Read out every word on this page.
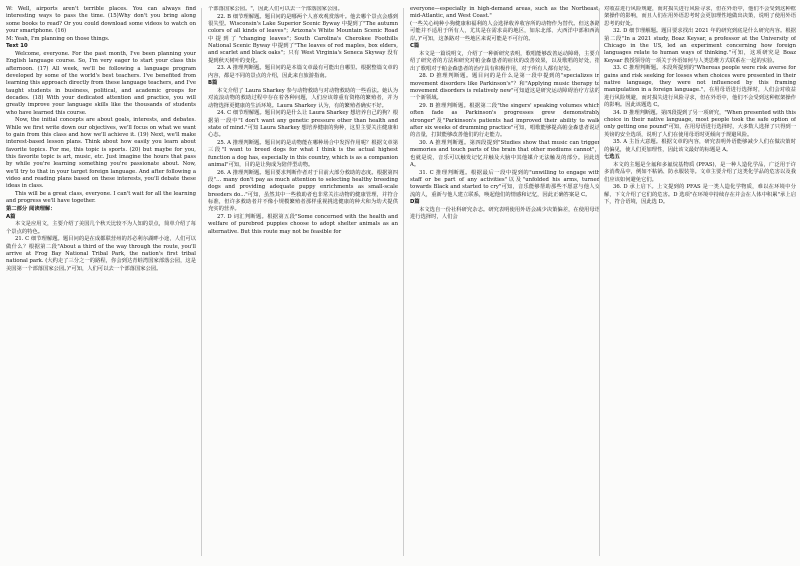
W: Well, airports aren't terrible places. You can always find interesting ways to pass the time. (15)Why don't you bring along some books to read? Or you could download some videos to watch on your smartphone. (16)

M: Yeah, I'm planning on those things.

Text 10

Welcome, everyone. For the past month, I've been planning your English language course. So, I'm very eager to start your class this afternoon. (17) All week, we'll be following a language program developed by some of the world's best teachers. I've benefited from learning this approach directly from these language teachers, and I've taught students in business, political, and academic groups for decades. (18) With your dedicated attention and practice, you will greatly improve your language skills like the thousands of students who have learned this course.

Now, the initial concepts are about goals, interests, and debates. While we first write down our objectives, we'll focus on what we want to gain from this class and how we'll achieve it. (19) Next, we'll make interest-based lesson plans. Think about how easily you learn about favorite topics. For me, this topic is sports. (20) but maybe for you, this favorite topic is art, music, etc. Just imagine the hours that pass by while you're learning something you're passionate about. Now, we'll try to that in your target foreign language. And after following a video and reading plans based on these interests, you'll debate these ideas in class.

This will be a great class, everyone. I can't wait for all the learning and progress we'll have together.

第二部分 阅读理解：

A篇

本文是应用文，主要介绍了美国几个秋天比较不为人知的景点，简单介绍了每个景点的特色。

21. C 细节理解题。题目问的是在成都联营州的苏必利尔湖畔小途，人们可以做什么？根据第二段"About a third of the way through the route, you'll arrive at Frog Bay National Tribal Park, the nation's first tribal national park. (大约走了三分之一的路程，你会到达青蛙湾国家部落公园，这是美国第一个部落国家公园。)"可知，人们可以去一个部落国家公园。

个部落国家公园。"，因此人们可以去一个部落国家公园。

22. B 细节理解题。题目问的是哪两个人喜欢观赏落叶。他去哪个景点会感到很失望。Wisconsin's Lake Superior Scenic Byway 中提到了"The autumn colors of all kinds of leaves"；Arizona's White Mountain Scenic Road 中提到了"changing leaves"；South Carolina's Cherokee Foothills National Scenic Byway 中提到了"The leaves of red maples, box elders, and scarlet and black oaks"；只有 West Virginia's Seneca Skyway 没有提到秋天树叶的变化。

23. A 推理判断题。题目问的是本篇文章最有可能出自哪里。根据整篇文章的内容，都是不同的景点的介绍，因此来自旅游指南。

B篇

本文介绍了 Laura Sharkey 参与动物救助与对动物救助的一些看法。她认为对流浪动物的救助过程中存在着各种问题，人们应该尊重有资格的繁殖者，并为动物选择更健康的生活环境。Laura Sharkey 认为，有的繁殖者确实不好。

24. C 细节理解题。题目问的是什么让 Laura Sharkey 想培养自己的狗？根据第一段中"I don't want any genetic pressure other than health and state of mind."可知 Laura Sharkey 想培养健康的狗种，这里主要关注健康和心态。

25. A 推理判断题。题目问的是动物能在哪种场合中发挥作用呢？根据文章第三段"I want to breed dogs for what I think is the actual highest function a dog has, especially in this country, which is as a companion animal"可知，目的是让狗成为陪伴型动物。

26. A 推理判断题。题目要求判断作者对于目前大部分救助的态度。根据第四段"... many don't pay as much attention to selecting healthy breeding dogs and providing adequate puppy enrichments as small-scale breeders do..."可知，虽然其中一些救助者也非常关注动物的健康管理，并符合标准，但许多救助者并不像小规模繁殖者那样重视挑选健康的种犬和为幼犬提供充实的营养。

27. D 词汇判断题。根据第五段"Some concerned with the health and welfare of purebred puppies choose to adopt shelter animals as an alternative. But this route may not be feasible for

everyone—especially in high-demand areas, such as the Northeast, mid-Atlantic, and West Coast."

(一些关心纯种小狗健康和福利的人会选择收养收容所的动物作为替代。但这条路可能并不适用于所有人，尤其是在需求高的地区，如东北部、大西洋中部和西海岸。)"可知，这条路对一些地区来说可能是不可行的。

C篇

本文是一篇说明文，介绍了一种新研究表明，歌唱能够改善运动障碍，主要介绍了研究者的方法和研究对帕金森患者的症状的改善效果，以及歌唱的好处，指出了歌唱对于帕金森患者的治疗具有积极作用，对于所有人都有好处。

28. D 推理判断题。题目问的是什么是第一段中提到的"specializes in movement disorders like Parkinson's"？和"Applying music therapy to movement disorders is relatively new"可知道这是研究运动障碍治疗方法的一个新领域。

29. B 推理判断题。根据第二段"the singers' speaking volumes which often fade as Parkinson's progresses grew demonstrably stronger"及"Parkinson's patients had improved their ability to walk after six weeks of drumming practice"可知，唱歌能够提高帕金森患者说话的音量，打鼓能够改善他们的行走能力。

30. A 推理判断题。第四段提到"Studies show that music can trigger memories and touch parts of the brain that other mediums cannot"，也就是说，音乐可以触发记忆并触及大脑中其他媒介无法触及的部分。因此选 A。

31. C 推理判断题。根据最后一段中提到的"unwilling to engage with staff or be part of any activities"以及"unfolded his arms, turned towards Black and started to cry"可知，音乐能够帮助那些不愿意与他人交流的人，重新与他人建立联系，唤起他们的情感和记忆，因此正确答案是 C。

D篇

本文选自一份社科研究杂志。研究表明使用外语会减少决策偏差，在使用母语进行选择时，人们会

对收益进行风险规避，而对损失进行风险寻求，但在外语中，他们不会受到这种框架操作的影响，而且人们在用外语思考时会更加理性地做出决策，说明了使用外语思考的好处。

32. D 细节理解题。题目要求找出 2021 年的研究到底是什么研究内容。根据第二段"In a 2021 study, Boaz Keysar, a professor at the University of Chicago in the US, led an experiment concerning how foreign languages relate to human ways of thinking."可知，这项研究是 Boaz Keysar 教授领导的一项关于外语如何与人类思维方式联系在一起的实验。

33. C 推理判断题。本段所提到的"Whereas people were risk averse for gains and risk seeking for losses when choices were presented in their native language, they were not influenced by this framing manipulation in a foreign language."，在用母语进行选择时，人们会对收益进行风险规避，而对损失进行风险寻求，但在外语中，他们不会受到这种框架操作的影响。因此该题选 C。

34. D 推理判断题。第四段提到了另一项研究，"When presented with this choice in their native language, most people took the safe option of only getting one pound"可知，在用母语进行选择时，大多数人选择了只得到一英镑的安全选项，说明了人们在使用母语时更倾向于规避风险。

35. A 主旨大意题。根据文章的内容，研究表明外语能够减少人们在做决策时的偏见，使人们更加理性，因此该文最好的标题是 A。

七选五

本文的主题是全氟和多氟烷基物质 (PFAS)，是一种人造化学品，广泛用于许多消费品中，例如不粘锅、防水服装等。文章主要介绍了这类化学品的危害以及我们应该如何避免它们。

36. D 承上启下。上文提到的 PFAS 是一类人造化学物质，难以在环境中分解，下文介绍了它们的危害。D 选项"在环境中持续存在并会在人体中积累"承上启下，符合语境，因此选 D。
